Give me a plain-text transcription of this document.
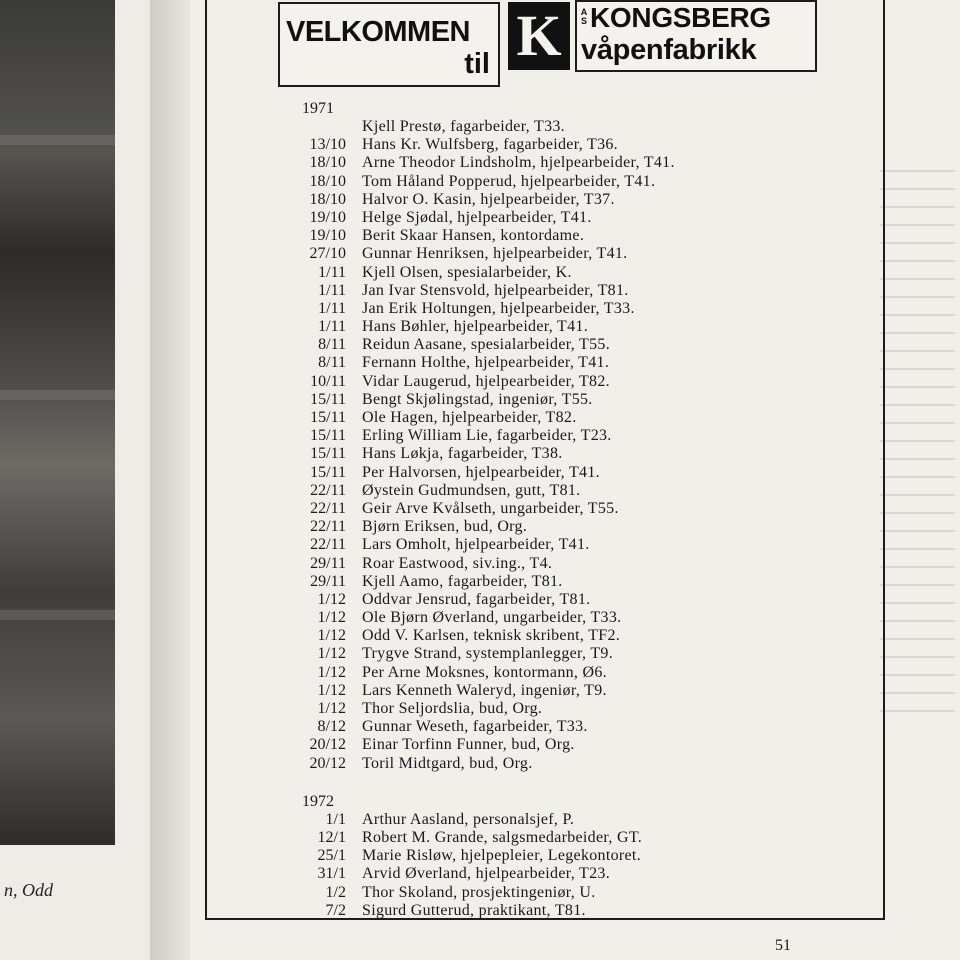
n, Odd
VELKOMMEN
til K	A S KONGSBERG
våpenfabrikk
1971
Kjell Prestø, fagarbeider, T33.
13/10 Hans Kr. Wulfsberg, fagarbeider, T36.
18/10 Arne Theodor Lindsholm, hjelpearbeider, T41.
18/10 Tom Håland Popperud, hjelpearbeider, T41.
18/10 Halvor O. Kasin, hjelpearbeider, T37.
19/10 Helge Sjødal, hjelpearbeider, T41.
19/10 Berit Skaar Hansen, kontordame.
27/10 Gunnar Henriksen, hjelpearbeider, T41.
1/11 Kjell Olsen, spesialarbeider, K.
1/11 Jan Ivar Stensvold, hjelpearbeider, T81.
1/11 Jan Erik Holtungen, hjelpearbeider, T33.
1/11 Hans Bøhler, hjelpearbeider, T41.
8/11 Reidun Aasane, spesialarbeider, T55.
8/11 Fernann Holthe, hjelpearbeider, T41.
10/11 Vidar Laugerud, hjelpearbeider, T82.
15/11 Bengt Skjølingstad, ingeniør, T55.
15/11 Ole Hagen, hjelpearbeider, T82.
15/11 Erling William Lie, fagarbeider, T23.
15/11 Hans Løkja, fagarbeider, T38.
15/11 Per Halvorsen, hjelpearbeider, T41.
22/11 Øystein Gudmundsen, gutt, T81.
22/11 Geir Arve Kvålseth, ungarbeider, T55.
22/11 Bjørn Eriksen, bud, Org.
22/11 Lars Omholt, hjelpearbeider, T41.
29/11 Roar Eastwood, siv.ing., T4.
29/11 Kjell Aamo, fagarbeider, T81.
1/12 Oddvar Jensrud, fagarbeider, T81.
1/12 Ole Bjørn Øverland, ungarbeider, T33.
1/12 Odd V. Karlsen, teknisk skribent, TF2.
1/12 Trygve Strand, systemplanlegger, T9.
1/12 Per Arne Moksnes, kontormann, Ø6.
1/12 Lars Kenneth Waleryd, ingeniør, T9.
1/12 Thor Seljordslia, bud, Org.
8/12 Gunnar Weseth, fagarbeider, T33.
20/12 Einar Torfinn Funner, bud, Org.
20/12 Toril Midtgard, bud, Org.
1972
1/1 Arthur Aasland, personalsjef, P.
12/1 Robert M. Grande, salgsmedarbeider, GT.
25/1 Marie Risløw, hjelpepleier, Legekontoret.
31/1 Arvid Øverland, hjelpearbeider, T23.
1/2 Thor Skoland, prosjektingeniør, U.
7/2 Sigurd Gutterud, praktikant, T81.
51
